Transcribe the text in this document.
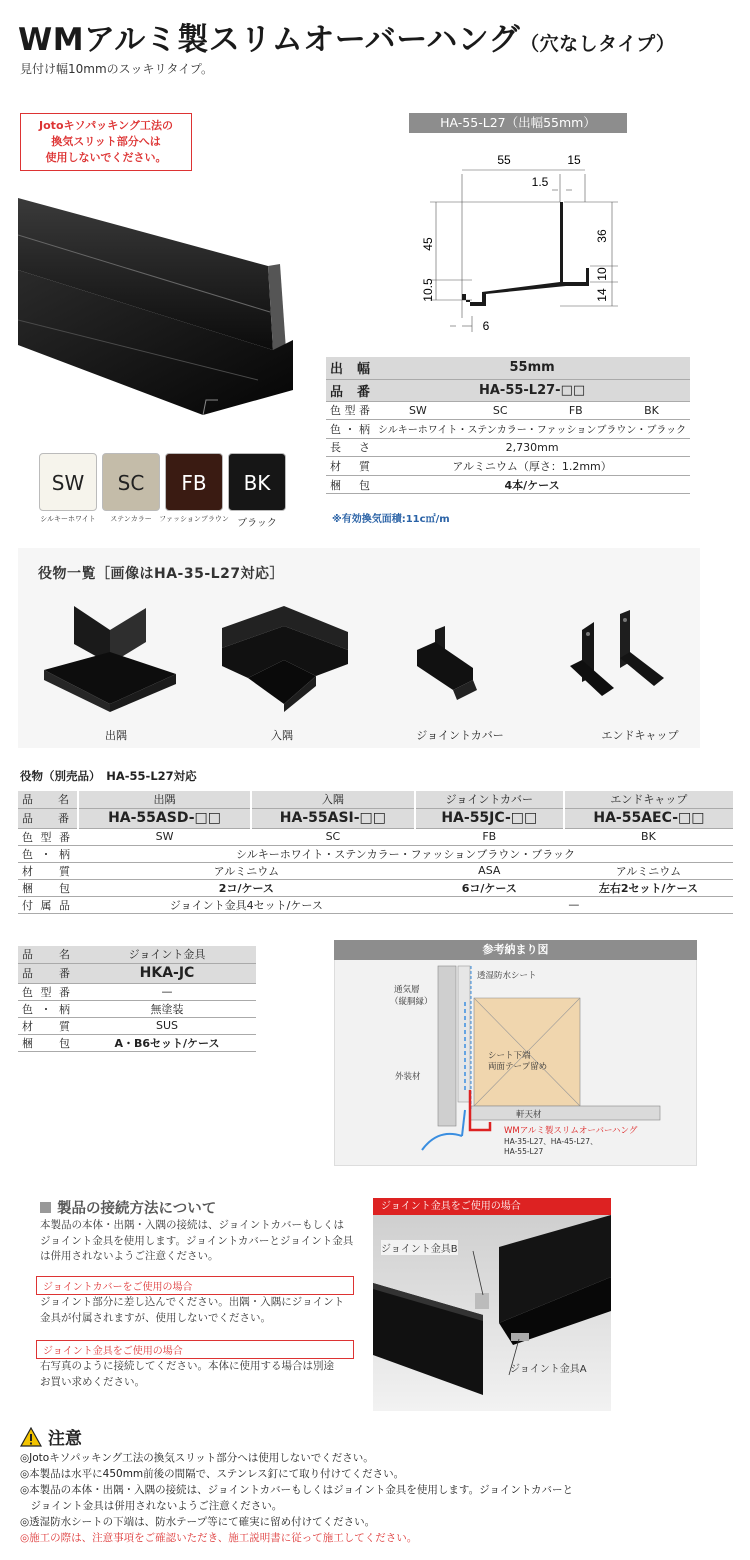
WMアルミ製スリムオーバーハング（穴なしタイプ）
見付け幅10mmのスッキリタイプ。
Jotoキソパッキング工法の
換気スリット部分へは
使用しないでください。
HA-55-L27（出幅55mm）
55	15
1.5
45
36
10
10.5	14
6
SW	SC	FB	BK
シルキーホワイト	ステンカラー	ファッションブラウン ブラック
出　幅	55mm			
品　番	HA-55-L27-□□			
色 型 番	SW	SC	FB	BK
色 ・ 柄	シルキーホワイト・ステンカラー・ファッションブラウン・ブラック			
長　さ	2,730mm			
材　質	アルミニウム（厚さ：1.2mm）			
梱　包	4本/ケース			
※有効換気面積:11c㎡/m
役物一覧［画像はHA-35-L27対応］
出隅	入隅	ジョイントカバー	エンドキャップ
役物（別売品）　HA-55-L27対応
品　名	出隅	入隅	ジョイントカバー	エンドキャップ
品　番	HA-55ASD-□□	HA-55ASI-□□	HA-55JC-□□	HA-55AEC-□□
色 型 番	SW	SC	FB	BK
色 ・ 柄	シルキーホワイト・ステンカラー・ファッションブラウン・ブラック			
材　質	アルミニウム		ASA	アルミニウム
梱　包	2コ/ケース		6コ/ケース	左右2セット/ケース
付 属 品	ジョイント金具4セット/ケース		—	
品　名	ジョイント金具
品　番	HKA-JC
色 型 番	—
色 ・ 柄	無塗装
材　質	SUS
梱　包	A・B6セット/ケース
参考納まり図
透湿防水シート
通気層
（縦胴縁）
シート下端
両面テープ留め
外装材
軒天材
WMアルミ製スリムオーバーハング
HA-35-L27、HA-45-L27、
HA-55-L27
製品の接続方法について
本製品の本体・出隅・入隅の接続は、ジョイントカバーもしくは
ジョイント金具を使用します。ジョイントカバーとジョイント金具
は併用されないようご注意ください。
ジョイントカバーをご使用の場合
ジョイント部分に差し込んでください。出隅・入隅にジョイント
金具が付属されますが、使用しないでください。
ジョイント金具をご使用の場合
右写真のように接続してください。本体に使用する場合は別途
お買い求めください。
ジョイント金具をご使用の場合
ジョイント金具B
ジョイント金具A
注意
◎Jotoキソパッキング工法の換気スリット部分へは使用しないでください。
◎本製品は水平に450mm前後の間隔で、ステンレス釘にて取り付けてください。
◎本製品の本体・出隅・入隅の接続は、ジョイントカバーもしくはジョイント金具を使用します。ジョイントカバーと
　ジョイント金具は併用されないようご注意ください。
◎透湿防水シートの下端は、防水テープ等にて確実に留め付けてください。
◎施工の際は、注意事項をご確認いただき、施工説明書に従って施工してください。
